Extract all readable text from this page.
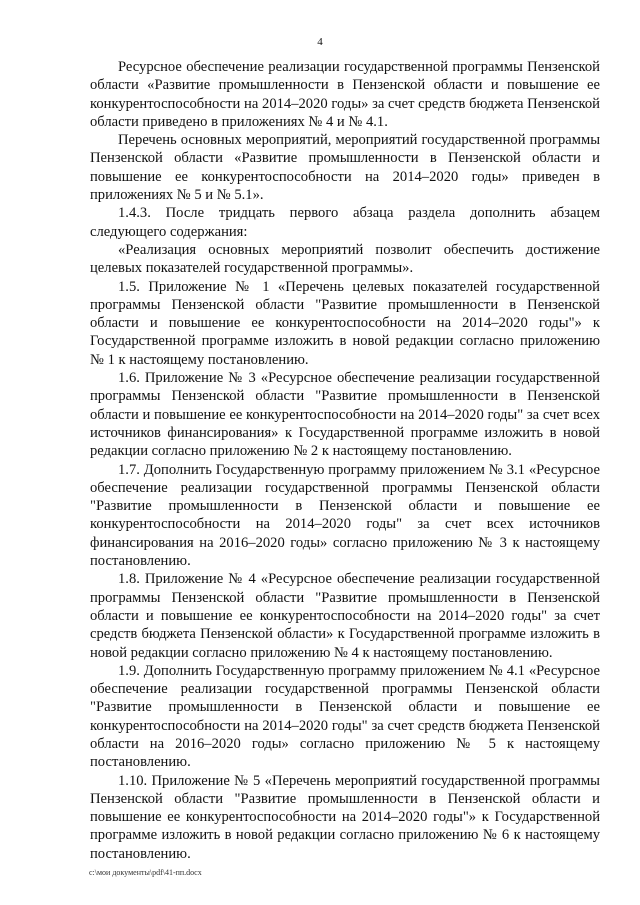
4

Ресурсное обеспечение реализации государственной программы Пензенской области «Развитие промышленности в Пензенской области и повышение ее конкурентоспособности на 2014–2020 годы» за счет средств бюджета Пензенской области приведено в приложениях № 4 и № 4.1.

Перечень основных мероприятий, мероприятий государственной программы Пензенской области «Развитие промышленности в Пензенской области и повышение ее конкурентоспособности на 2014–2020 годы» приведен в приложениях № 5 и № 5.1».

1.4.3. После тридцать первого абзаца раздела дополнить абзацем следующего содержания:

«Реализация основных мероприятий позволит обеспечить достижение целевых показателей государственной программы».

1.5. Приложение № 1 «Перечень целевых показателей государственной программы Пензенской области "Развитие промышленности в Пензенской области и повышение ее конкурентоспособности на 2014–2020 годы"» к Государственной программе изложить в новой редакции согласно приложению № 1 к настоящему постановлению.

1.6. Приложение № 3 «Ресурсное обеспечение реализации государственной программы Пензенской области "Развитие промышленности в Пензенской области и повышение ее конкурентоспособности на 2014–2020 годы" за счет всех источников финансирования» к Государственной программе изложить в новой редакции согласно приложению № 2 к настоящему постановлению.

1.7. Дополнить Государственную программу приложением № 3.1 «Ресурсное обеспечение реализации государственной программы Пензенской области "Развитие промышленности в Пензенской области и повышение ее конкурентоспособности на 2014–2020 годы" за счет всех источников финансирования на 2016–2020 годы» согласно приложению № 3 к настоящему постановлению.

1.8. Приложение № 4 «Ресурсное обеспечение реализации государственной программы Пензенской области "Развитие промышленности в Пензенской области и повышение ее конкурентоспособности на 2014–2020 годы" за счет средств бюджета Пензенской области» к Государственной программе изложить в новой редакции согласно приложению № 4 к настоящему постановлению.

1.9. Дополнить Государственную программу приложением № 4.1 «Ресурсное обеспечение реализации государственной программы Пензенской области "Развитие промышленности в Пензенской области и повышение ее конкурентоспособности на 2014–2020 годы" за счет средств бюджета Пензенской области на 2016–2020 годы» согласно приложению № 5 к настоящему постановлению.

1.10. Приложение № 5 «Перечень мероприятий государственной программы Пензенской области "Развитие промышленности в Пензенской области и повышение ее конкурентоспособности на 2014–2020 годы"» к Государственной программе изложить в новой редакции согласно приложению № 6 к настоящему постановлению.

c:\мои документы\pdf\41-пп.docx
